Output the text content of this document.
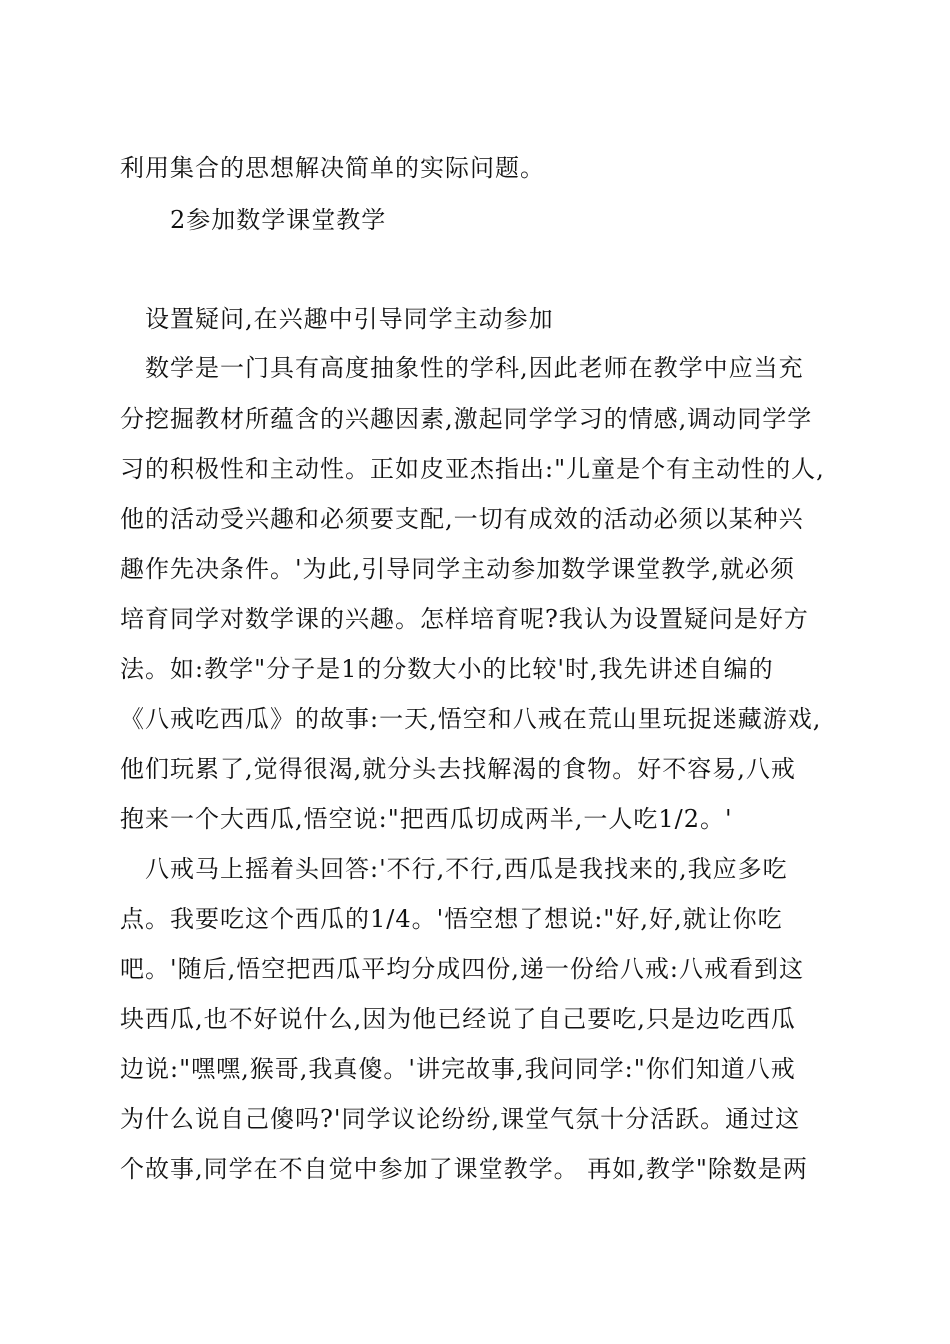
利用集合的思想解决简单的实际问题。
2参加数学课堂教学
设置疑问,在兴趣中引导同学主动参加
数学是一门具有高度抽象性的学科,因此老师在教学中应当充
分挖掘教材所蕴含的兴趣因素,激起同学学习的情感,调动同学学
习的积极性和主动性。正如皮亚杰指出:"儿童是个有主动性的人,
他的活动受兴趣和必须要支配,一切有成效的活动必须以某种兴
趣作先决条件。'为此,引导同学主动参加数学课堂教学,就必须
培育同学对数学课的兴趣。怎样培育呢?我认为设置疑问是好方
法。如:教学"分子是1的分数大小的比较'时,我先讲述自编的
《八戒吃西瓜》的故事:一天,悟空和八戒在荒山里玩捉迷藏游戏,
他们玩累了,觉得很渴,就分头去找解渴的食物。好不容易,八戒
抱来一个大西瓜,悟空说:"把西瓜切成两半,一人吃1/2。'
八戒马上摇着头回答:'不行,不行,西瓜是我找来的,我应多吃
点。我要吃这个西瓜的1/4。'悟空想了想说:"好,好,就让你吃
吧。'随后,悟空把西瓜平均分成四份,递一份给八戒:八戒看到这
块西瓜,也不好说什么,因为他已经说了自己要吃,只是边吃西瓜
边说:"嘿嘿,猴哥,我真傻。'讲完故事,我问同学:"你们知道八戒
为什么说自己傻吗?'同学议论纷纷,课堂气氛十分活跃。通过这
个故事,同学在不自觉中参加了课堂教学。 再如,教学"除数是两
